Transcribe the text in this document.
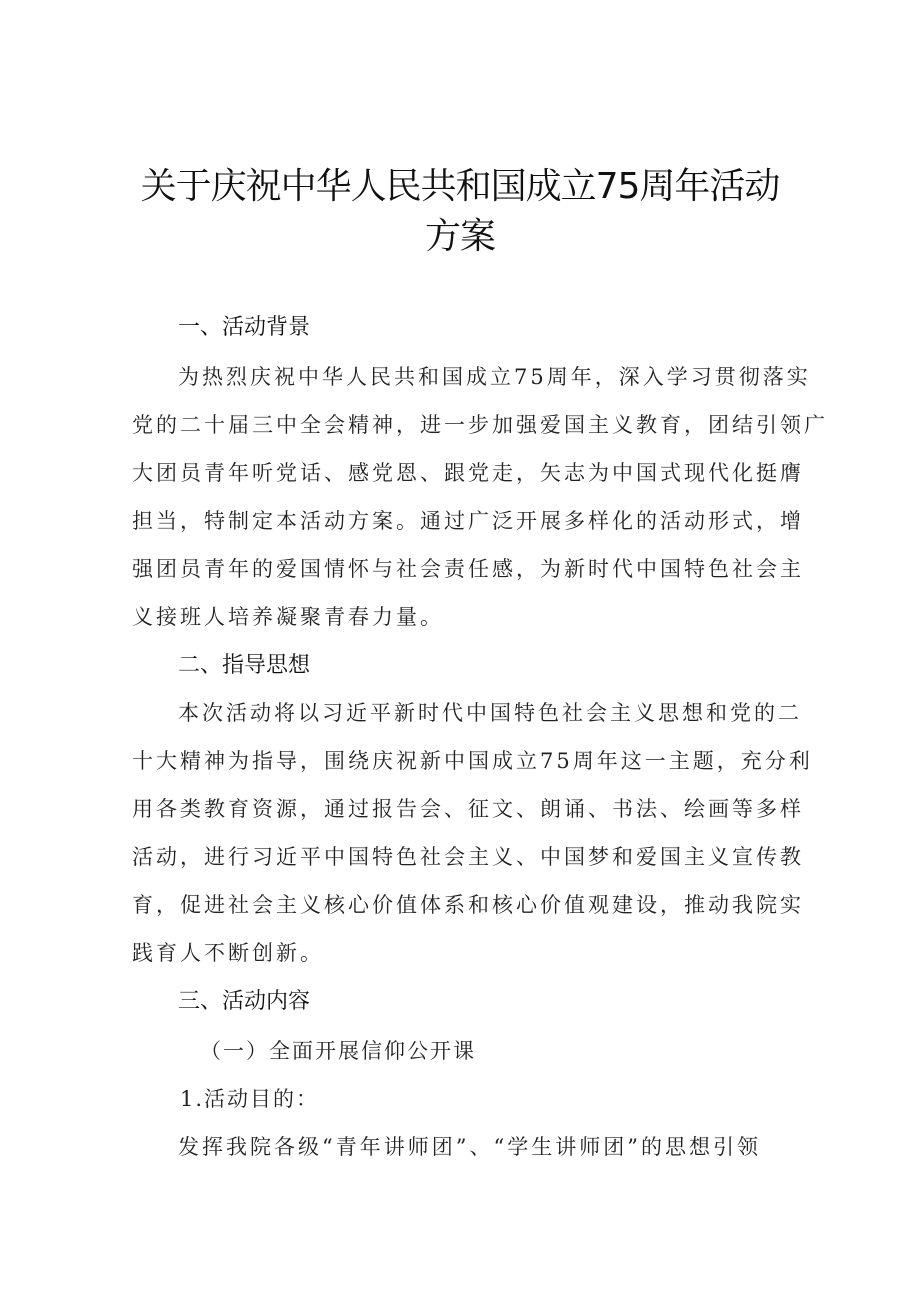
关于庆祝中华人民共和国成立75周年活动
方案
一、活动背景

为热烈庆祝中华人民共和国成立75周年，深入学习贯彻落实

党的二十届三中全会精神，进一步加强爱国主义教育，团结引领广

大团员青年听党话、感党恩、跟党走，矢志为中国式现代化挺膺

担当，特制定本活动方案。通过广泛开展多样化的活动形式，增

强团员青年的爱国情怀与社会责任感，为新时代中国特色社会主

义接班人培养凝聚青春力量。

二、指导思想

本次活动将以习近平新时代中国特色社会主义思想和党的二

十大精神为指导，围绕庆祝新中国成立75周年这一主题，充分利

用各类教育资源，通过报告会、征文、朗诵、书法、绘画等多样

活动，进行习近平中国特色社会主义、中国梦和爱国主义宣传教

育，促进社会主义核心价值体系和核心价值观建设，推动我院实

践育人不断创新。

三、活动内容

（一）全面开展信仰公开课

1.活动目的：

发挥我院各级“青年讲师团”、“学生讲师团”的思想引领
